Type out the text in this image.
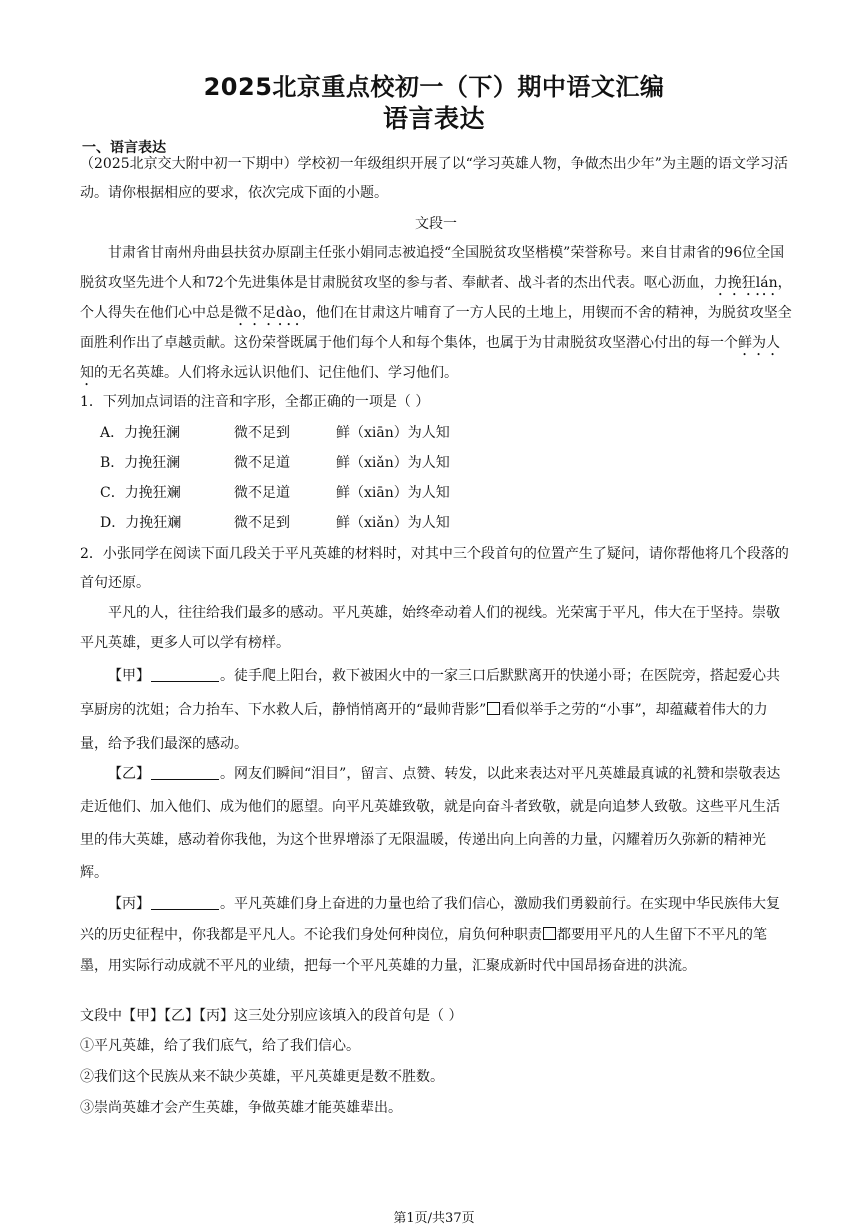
2025北京重点校初一（下）期中语文汇编
语言表达
一、语言表达
（2025北京交大附中初一下期中）学校初一年级组织开展了以“学习英雄人物，争做杰出少年”为主题的语文学习活动。请你根据相应的要求，依次完成下面的小题。
文段一
甘肃省甘南州舟曲县扶贫办原副主任张小娟同志被追授“全国脱贫攻坚楷模”荣誉称号。来自甘肃省的96位全国脱贫攻坚先进个人和72个先进集体是甘肃脱贫攻坚的参与者、奉献者、战斗者的杰出代表。呕心沥血，力挽狂lán，个人得失在他们心中总是微不足dào，他们在甘肃这片哺育了一方人民的土地上，用锲而不舍的精神，为脱贫攻坚全面胜利作出了卓越贡献。这份荣誉既属于他们每个人和每个集体，也属于为甘肃脱贫攻坚潜心付出的每一个鲜为人知的无名英雄。人们将永远认识他们、记住他们、学习他们。
1．下列加点词语的注音和字形，全都正确的一项是（ ）
A．力挽狂澜	微不足到	鲜（xiān）为人知
B．力挽狂澜	微不足道	鲜（xiǎn）为人知
C．力挽狂斓	微不足道	鲜（xiān）为人知
D．力挽狂斓	微不足到	鲜（xiǎn）为人知
2．小张同学在阅读下面几段关于平凡英雄的材料时，对其中三个段首句的位置产生了疑问，请你帮他将几个段落的首句还原。
平凡的人，往往给我们最多的感动。平凡英雄，始终牵动着人们的视线。光荣寓于平凡，伟大在于坚持。崇敬平凡英雄，更多人可以学有榜样。
【甲】	。徒手爬上阳台，救下被困火中的一家三口后默默离开的快递小哥；在医院旁，搭起爱心共享厨房的沈姐；合力抬车、下水救人后，静悄悄离开的“最帅背影” 看似举手之劳的“小事”，却蕴藏着伟大的力量，给予我们最深的感动。
【乙】	。网友们瞬间“泪目”，留言、点赞、转发，以此来表达对平凡英雄最真诚的礼赞和崇敬表达走近他们、加入他们、成为他们的愿望。向平凡英雄致敬，就是向奋斗者致敬，就是向追梦人致敬。这些平凡生活里的伟大英雄，感动着你我他，为这个世界增添了无限温暖，传递出向上向善的力量，闪耀着历久弥新的精神光辉。
【丙】	。平凡英雄们身上奋进的力量也给了我们信心，激励我们勇毅前行。在实现中华民族伟大复兴的历史征程中，你我都是平凡人。不论我们身处何种岗位，肩负何种职责 都要用平凡的人生留下不平凡的笔墨，用实际行动成就不平凡的业绩，把每一个平凡英雄的力量，汇聚成新时代中国昂扬奋进的洪流。
文段中【甲】【乙】【丙】这三处分别应该填入的段首句是（ ）
①平凡英雄，给了我们底气，给了我们信心。
②我们这个民族从来不缺少英雄，平凡英雄更是数不胜数。
③崇尚英雄才会产生英雄，争做英雄才能英雄辈出。
第1页/共37页
